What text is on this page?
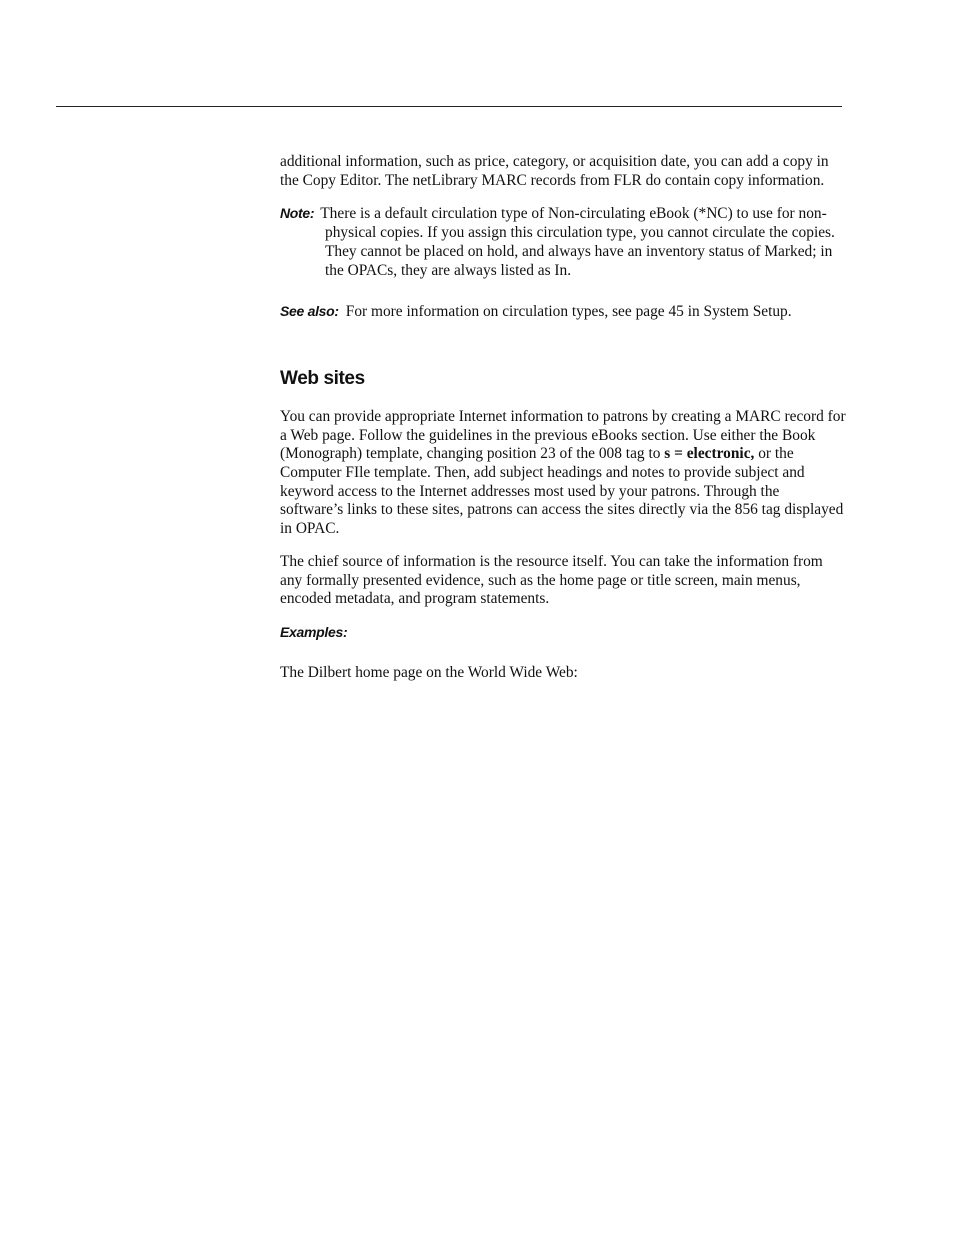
additional information, such as price, category, or acquisition date, you can add a copy in the Copy Editor. The netLibrary MARC records from FLR do contain copy information.

Note: There is a default circulation type of Non-circulating eBook (*NC) to use for non-physical copies. If you assign this circulation type, you cannot circulate the copies. They cannot be placed on hold, and always have an inventory status of Marked; in the OPACs, they are always listed as In.

See also: For more information on circulation types, see page 45 in System Setup.

Web sites

You can provide appropriate Internet information to patrons by creating a MARC record for a Web page. Follow the guidelines in the previous eBooks section. Use either the Book (Monograph) template, changing position 23 of the 008 tag to s = electronic, or the Computer FIle template. Then, add subject headings and notes to provide subject and keyword access to the Internet addresses most used by your patrons. Through the software’s links to these sites, patrons can access the sites directly via the 856 tag displayed in OPAC.

The chief source of information is the resource itself. You can take the information from any formally presented evidence, such as the home page or title screen, main menus, encoded metadata, and program statements.

Examples:

The Dilbert home page on the World Wide Web:
